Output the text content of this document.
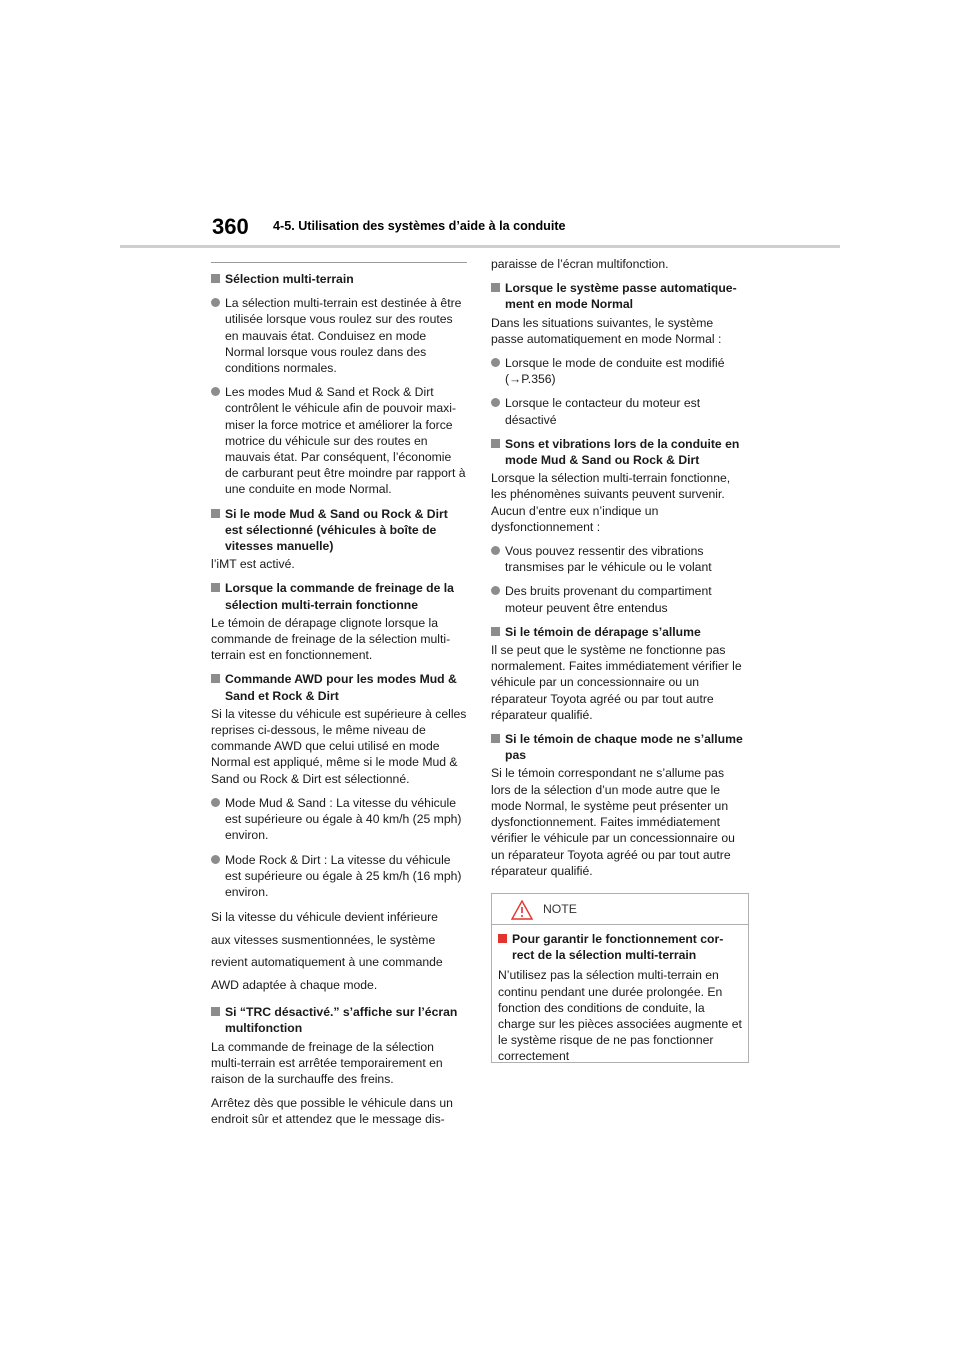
360 4-5. Utilisation des systèmes d’aide à la conduite
Sélection multi-terrain
La sélection multi-terrain est destinée à être utilisée lorsque vous roulez sur des routes en mauvais état. Conduisez en mode Normal lorsque vous roulez dans des conditions normales.
Les modes Mud & Sand et Rock & Dirt contrôlent le véhicule afin de pouvoir maxi-miser la force motrice et améliorer la force motrice du véhicule sur des routes en mauvais état. Par conséquent, l’économie de carburant peut être moindre par rapport à une conduite en mode Normal.
Si le mode Mud & Sand ou Rock & Dirt est sélectionné (véhicules à boîte de vitesses manuelle)
l’iMT est activé.
Lorsque la commande de freinage de la sélection multi-terrain fonctionne
Le témoin de dérapage clignote lorsque la commande de freinage de la sélection multi-terrain est en fonctionnement.
Commande AWD pour les modes Mud & Sand et Rock & Dirt
Si la vitesse du véhicule est supérieure à celles reprises ci-dessous, le même niveau de commande AWD que celui utilisé en mode Normal est appliqué, même si le mode Mud & Sand ou Rock & Dirt est sélectionné.
Mode Mud & Sand : La vitesse du véhicule est supérieure ou égale à 40 km/h (25 mph) environ.
Mode Rock & Dirt : La vitesse du véhicule est supérieure ou égale à 25 km/h (16 mph) environ.
Si la vitesse du véhicule devient inférieure
aux vitesses susmentionnées, le système
revient automatiquement à une commande
AWD adaptée à chaque mode.
Si “TRC désactivé.” s’affiche sur l’écran multifonction
La commande de freinage de la sélection multi-terrain est arrêtée temporairement en raison de la surchauffe des freins.
Arrêtez dès que possible le véhicule dans un endroit sûr et attendez que le message dis-
paraisse de l’écran multifonction.
Lorsque le système passe automatique-ment en mode Normal
Dans les situations suivantes, le système passe automatiquement en mode Normal :
Lorsque le mode de conduite est modifié (→P.356)
Lorsque le contacteur du moteur est désactivé
Sons et vibrations lors de la conduite en mode Mud & Sand ou Rock & Dirt
Lorsque la sélection multi-terrain fonctionne, les phénomènes suivants peuvent survenir. Aucun d’entre eux n’indique un dysfonctionnement :
Vous pouvez ressentir des vibrations transmises par le véhicule ou le volant
Des bruits provenant du compartiment moteur peuvent être entendus
Si le témoin de dérapage s’allume
Il se peut que le système ne fonctionne pas normalement. Faites immédiatement vérifier le véhicule par un concessionnaire ou un réparateur Toyota agréé ou par tout autre réparateur qualifié.
Si le témoin de chaque mode ne s’allume pas
Si le témoin correspondant ne s’allume pas lors de la sélection d’un mode autre que le mode Normal, le système peut présenter un dysfonctionnement. Faites immédiatement vérifier le véhicule par un concessionnaire ou un réparateur Toyota agréé ou par tout autre réparateur qualifié.
NOTE
Pour garantir le fonctionnement cor-rect de la sélection multi-terrain
N’utilisez pas la sélection multi-terrain en continu pendant une durée prolongée. En fonction des conditions de conduite, la charge sur les pièces associées augmente et le système risque de ne pas fonctionner correctement
